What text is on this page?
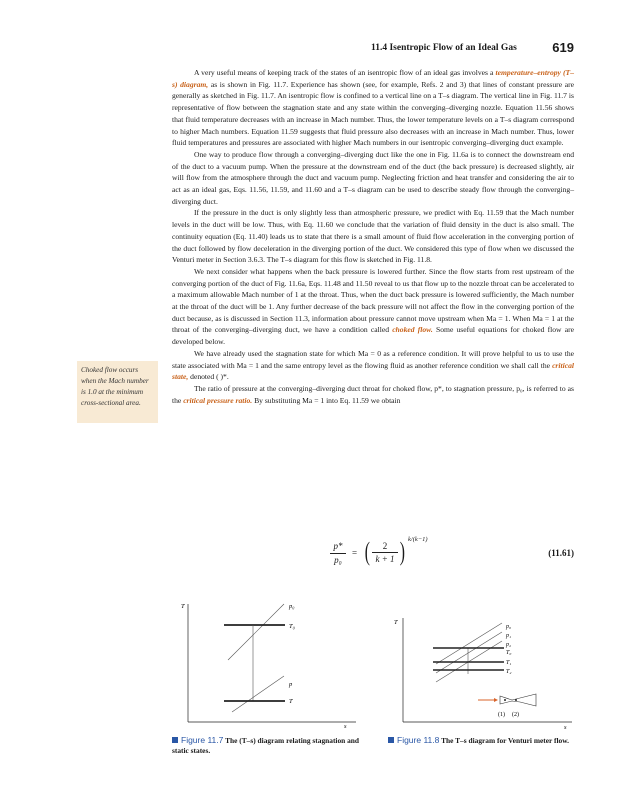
11.4 Isentropic Flow of an Ideal Gas	619

A very useful means of keeping track of the states of an isentropic flow of an ideal gas involves a temperature–entropy (T–s) diagram, as is shown in Fig. 11.7. Experience has shown (see, for example, Refs. 2 and 3) that lines of constant pressure are generally as sketched in Fig. 11.7. An isentropic flow is confined to a vertical line on a T–s diagram. The vertical line in Fig. 11.7 is representative of flow between the stagnation state and any state within the converging–diverging nozzle. Equation 11.56 shows that fluid temperature decreases with an increase in Mach number. Thus, the lower temperature levels on a T–s diagram correspond to higher Mach numbers. Equation 11.59 suggests that fluid pressure also decreases with an increase in Mach number. Thus, lower fluid temperatures and pressures are associated with higher Mach numbers in our isentropic converging–diverging duct example.

One way to produce flow through a converging–diverging duct like the one in Fig. 11.6a is to connect the downstream end of the duct to a vacuum pump. When the pressure at the downstream end of the duct (the back pressure) is decreased slightly, air will flow from the atmosphere through the duct and vacuum pump. Neglecting friction and heat transfer and considering the air to act as an ideal gas, Eqs. 11.56, 11.59, and 11.60 and a T–s diagram can be used to describe steady flow through the converging–diverging duct.

If the pressure in the duct is only slightly less than atmospheric pressure, we predict with Eq. 11.59 that the Mach number levels in the duct will be low. Thus, with Eq. 11.60 we conclude that the variation of fluid density in the duct is also small. The continuity equation (Eq. 11.40) leads us to state that there is a small amount of fluid flow acceleration in the converging portion of the duct followed by flow deceleration in the diverging portion of the duct. We considered this type of flow when we discussed the Venturi meter in Section 3.6.3. The T–s diagram for this flow is sketched in Fig. 11.8.

We next consider what happens when the back pressure is lowered further. Since the flow starts from rest upstream of the converging portion of the duct of Fig. 11.6a, Eqs. 11.48 and 11.50 reveal to us that flow up to the nozzle throat can be accelerated to a maximum allowable Mach number of 1 at the throat. Thus, when the duct back pressure is lowered sufficiently, the Mach number at the throat of the duct will be 1. Any further decrease of the back pressure will not affect the flow in the converging portion of the duct because, as is discussed in Section 11.3, information about pressure cannot move upstream when Ma = 1. When Ma = 1 at the throat of the converging–diverging duct, we have a condition called choked flow. Some useful equations for choked flow are developed below.

We have already used the stagnation state for which Ma = 0 as a reference condition. It will prove helpful to us to use the state associated with Ma = 1 and the same entropy level as the flowing fluid as another reference condition we shall call the critical state, denoted ( )*.

The ratio of pressure at the converging–diverging duct throat for choked flow, p*, to stagnation pressure, p₀, is referred to as the critical pressure ratio. By substituting Ma = 1 into Eq. 11.59 we obtain

Choked flow occurs when the Mach number is 1.0 at the minimum cross-sectional area.
p*
p₀
= (	2
k + 1 ) k/(k−1)
(11.61)
T
s
p₀
T₀
p
T
Figure 11.7 The (T–s) diagram relating stagnation and static states.
T
s
p₀
p₁
p₂
T₀
T₁
T₂
(1) (2)
Figure 11.8 The T–s diagram for Venturi meter flow.
